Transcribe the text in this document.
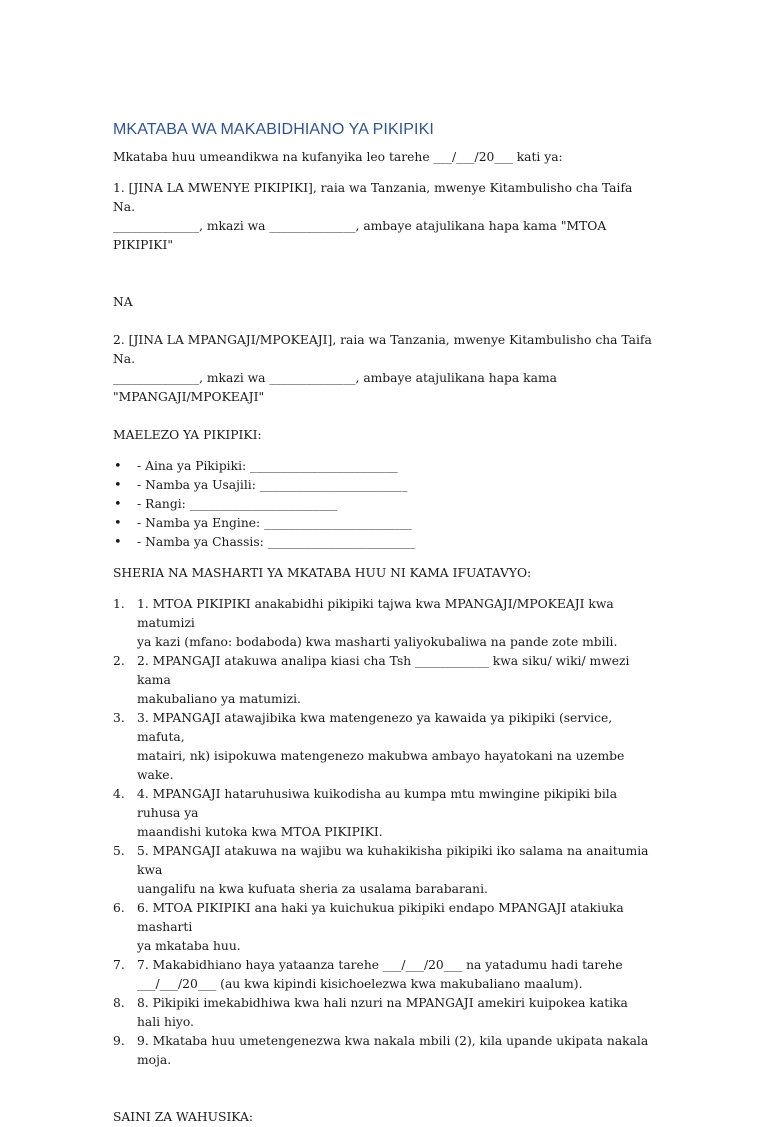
MKATABA WA MAKABIDHIANO YA PIKIPIKI

Mkataba huu umeandikwa na kufanyika leo tarehe ___/___/20___ kati ya:

1. [JINA LA MWENYE PIKIPIKI], raia wa Tanzania, mwenye Kitambulisho cha Taifa Na.
______________, mkazi wa ______________, ambaye atajulikana hapa kama "MTOA PIKIPIKI"

NA

2. [JINA LA MPANGAJI/MPOKEAJI], raia wa Tanzania, mwenye Kitambulisho cha Taifa Na.
______________, mkazi wa ______________, ambaye atajulikana hapa kama
"MPANGAJI/MPOKEAJI"

MAELEZO YA PIKIPIKI:

• - Aina ya Pikipiki: ________________________
• - Namba ya Usajili: ________________________
• - Rangi: ________________________
• - Namba ya Engine: ________________________
• - Namba ya Chassis: ________________________

SHERIA NA MASHARTI YA MKATABA HUU NI KAMA IFUATAVYO:

1. 1. MTOA PIKIPIKI anakabidhi pikipiki tajwa kwa MPANGAJI/MPOKEAJI kwa matumizi
ya kazi (mfano: bodaboda) kwa masharti yaliyokubaliwa na pande zote mbili.

2. 2. MPANGAJI atakuwa analipa kiasi cha Tsh ____________ kwa siku/ wiki/ mwezi kama
makubaliano ya matumizi.

3. 3. MPANGAJI atawajibika kwa matengenezo ya kawaida ya pikipiki (service, mafuta,
matairi, nk) isipokuwa matengenezo makubwa ambayo hayatokani na uzembe wake.

4. 4. MPANGAJI hataruhusiwa kuikodisha au kumpa mtu mwingine pikipiki bila ruhusa ya
maandishi kutoka kwa MTOA PIKIPIKI.

5. 5. MPANGAJI atakuwa na wajibu wa kuhakikisha pikipiki iko salama na anaitumia kwa
uangalifu na kwa kufuata sheria za usalama barabarani.

6. 6. MTOA PIKIPIKI ana haki ya kuichukua pikipiki endapo MPANGAJI atakiuka masharti
ya mkataba huu.

7. 7. Makabidhiano haya yataanza tarehe ___/___/20___ na yatadumu hadi tarehe
___/___/20___ (au kwa kipindi kisichoelezwa kwa makubaliano maalum).

8. 8. Pikipiki imekabidhiwa kwa hali nzuri na MPANGAJI amekiri kuipokea katika hali hiyo.

9. 9. Mkataba huu umetengenezwa kwa nakala mbili (2), kila upande ukipata nakala moja.

SAINI ZA WAHUSIKA:
